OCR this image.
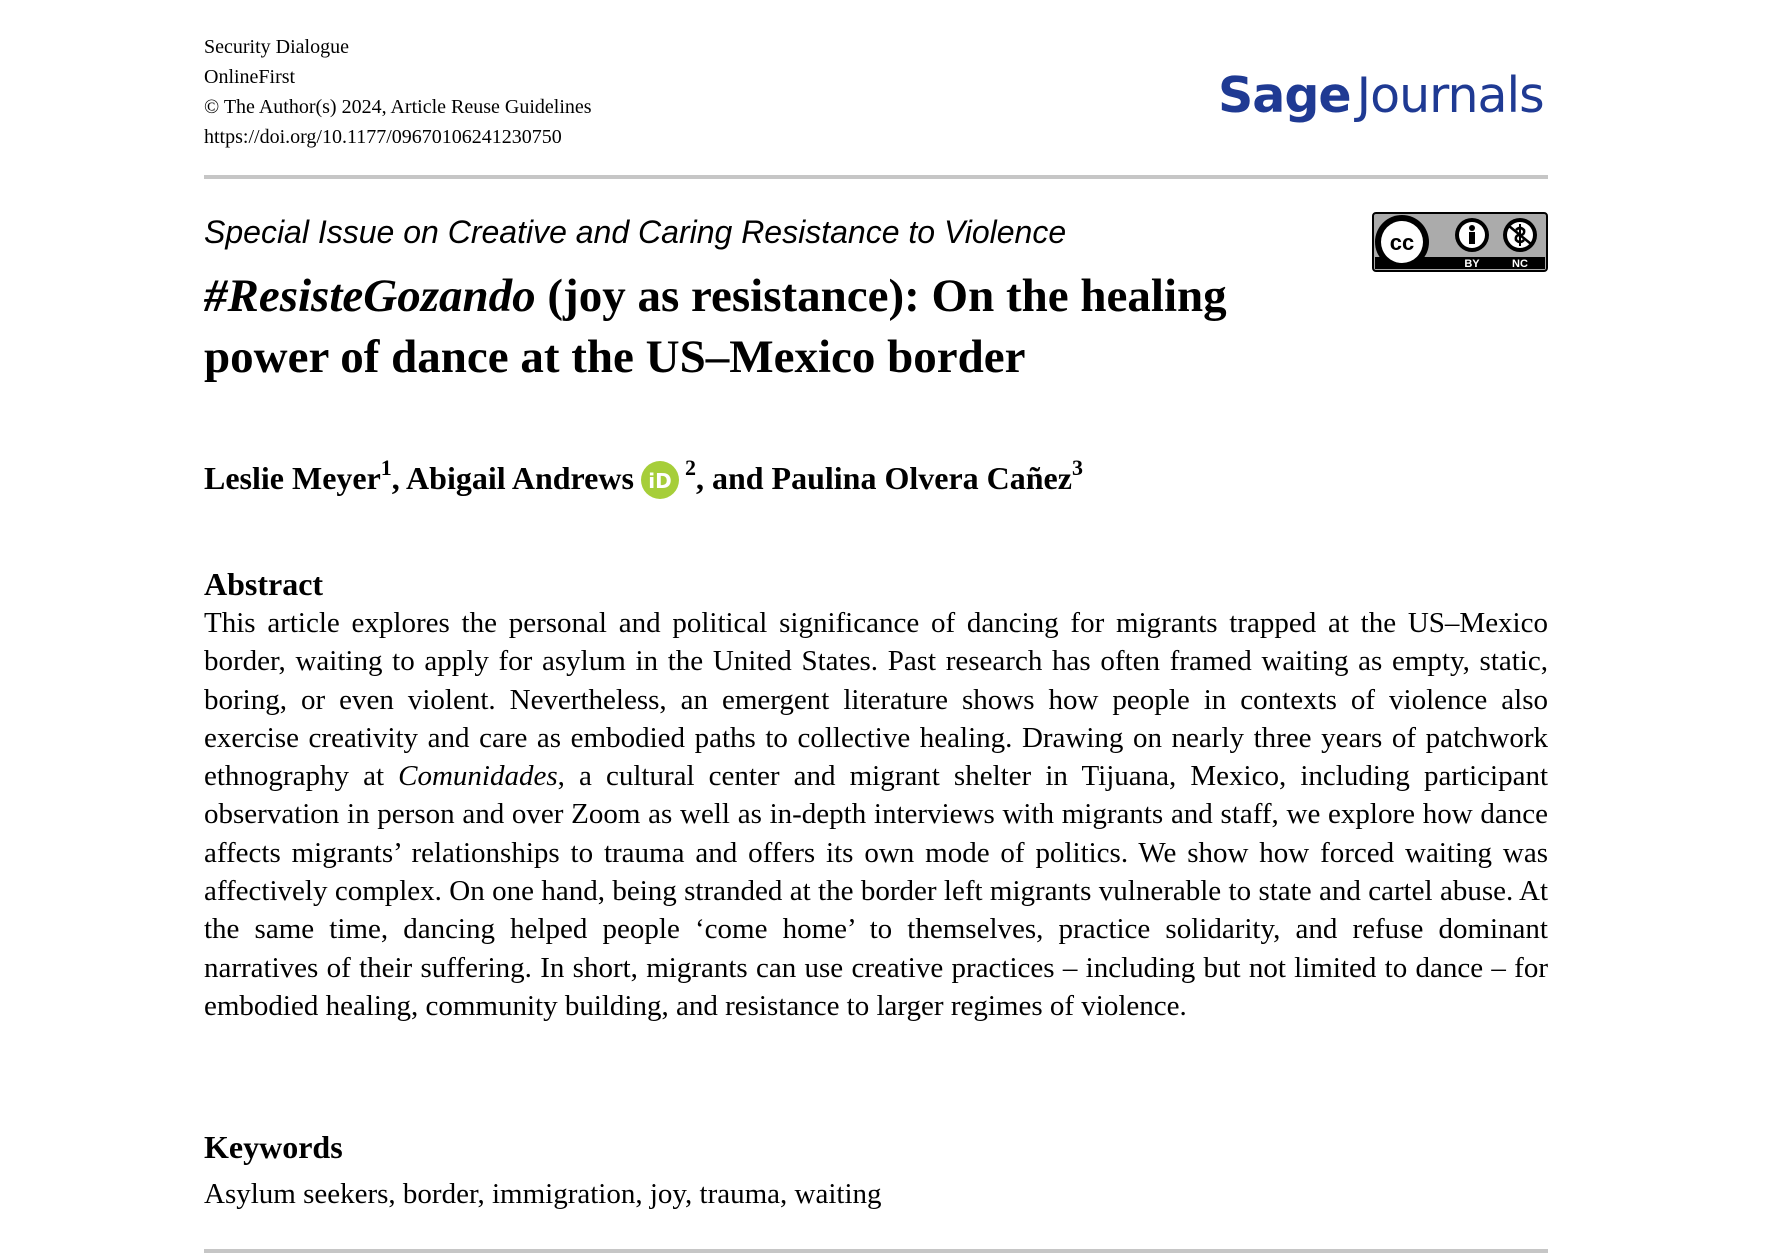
Security Dialogue
OnlineFirst
© The Author(s) 2024, Article Reuse Guidelines
https://doi.org/10.1177/09670106241230750
Sage Journals
Special Issue on Creative and Caring Resistance to Violence	cc
BY	NC
#ResisteGozando (joy as resistance): On the healing power of dance at the US–Mexico border
Leslie Meyer$^1$, Abigail Andrews iD
$^2$, and Paulina Olvera Cañez$^3$
Abstract

This article explores the personal and political significance of dancing for migrants trapped at the US–Mexico border, waiting to apply for asylum in the United States. Past research has often framed waiting as empty, static, boring, or even violent. Nevertheless, an emergent literature shows how people in contexts of violence also exercise creativity and care as embodied paths to collective healing. Drawing on nearly three years of patchwork ethnography at Comunidades, a cultural center and migrant shelter in Tijuana, Mexico, including participant observation in person and over Zoom as well as in-depth interviews with migrants and staff, we explore how dance affects migrants’ relationships to trauma and offers its own mode of politics. We show how forced waiting was affectively complex. On one hand, being stranded at the border left migrants vulnerable to state and cartel abuse. At the same time, dancing helped people ‘come home’ to themselves, practice solidarity, and refuse dominant narratives of their suffering. In short, migrants can use creative practices – including but not limited to dance – for embodied healing, community building, and resistance to larger regimes of violence.

Keywords
Asylum seekers, border, immigration, joy, trauma, waiting
